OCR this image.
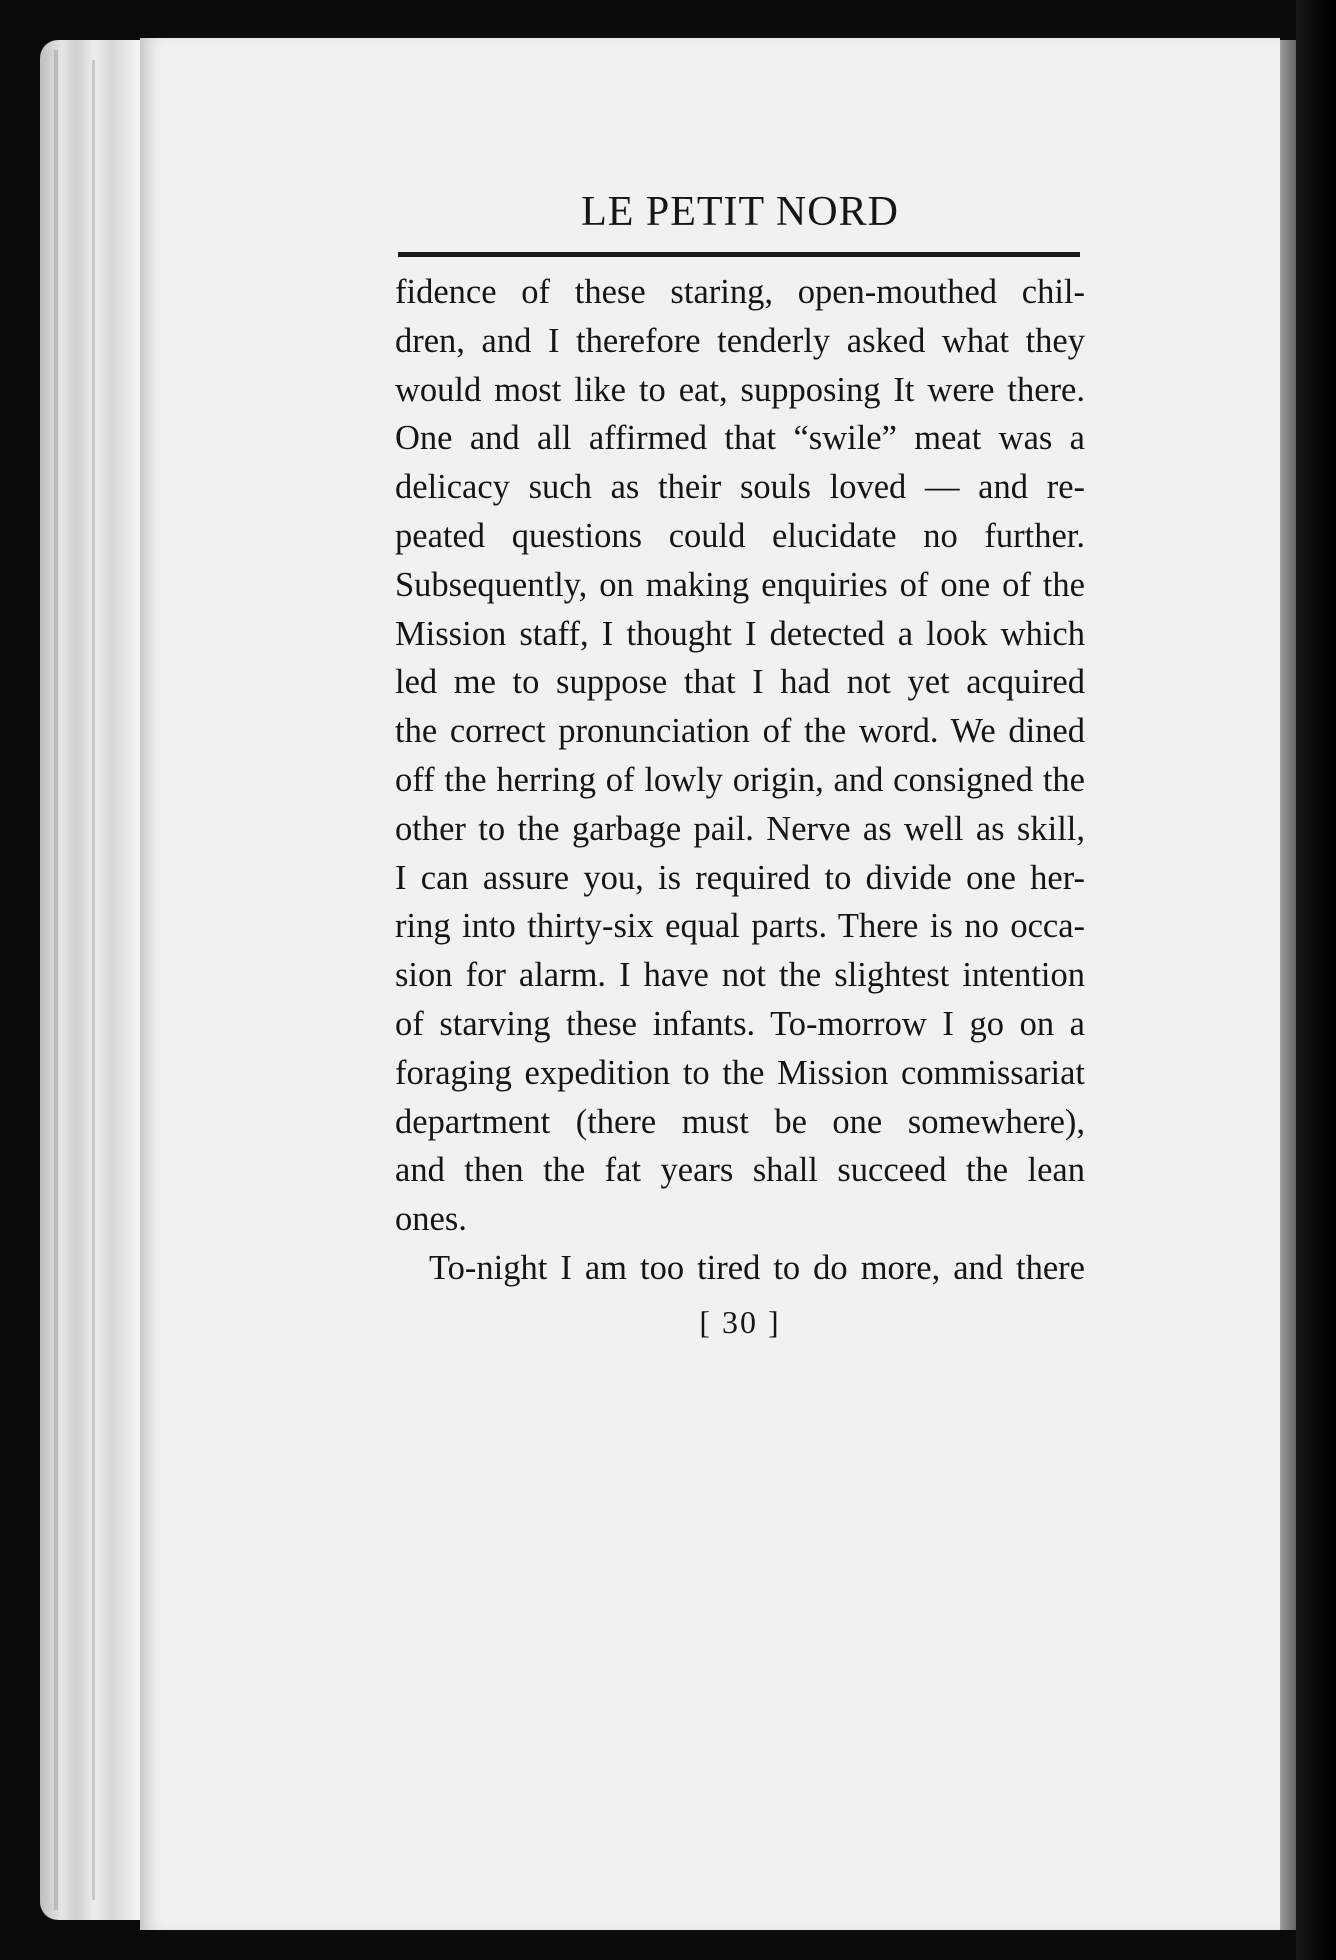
LE PETIT NORD
fidence of these staring, open-mouthed chil-
dren, and I therefore tenderly asked what they
would most like to eat, supposing It were there.
One and all affirmed that “swile” meat was a
delicacy such as their souls loved — and re-
peated questions could elucidate no further.
Subsequently, on making enquiries of one of the
Mission staff, I thought I detected a look which
led me to suppose that I had not yet acquired
the correct pronunciation of the word. We dined
off the herring of lowly origin, and consigned the
other to the garbage pail. Nerve as well as skill,
I can assure you, is required to divide one her-
ring into thirty-six equal parts. There is no occa-
sion for alarm. I have not the slightest intention
of starving these infants. To-morrow I go on a
foraging expedition to the Mission commissariat
department (there must be one somewhere),
and then the fat years shall succeed the lean
ones.
To-night I am too tired to do more, and there
[ 30 ]
